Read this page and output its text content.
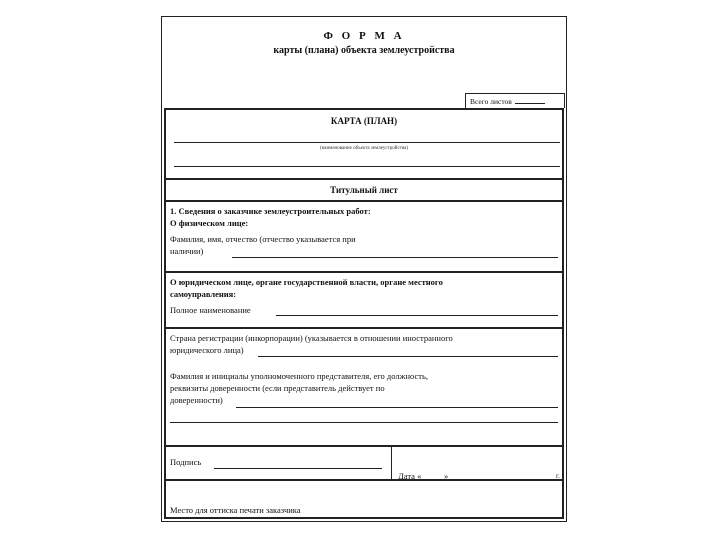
Ф О Р М А
карты (плана) объекта землеустройства
Всего листов
КАРТА (ПЛАН)
(наименование объекта землеустройства)
Титульный лист
1. Сведения о заказчике землеустроительных работ:
О физическом лице:
Фамилия, имя, отчество (отчество указывается при
наличии)
О юридическом лице, органе государственной власти, органе местного
самоуправления:
Полное наименование
Страна регистрации (инкорпорации) (указывается в отношении иностранного
юридического лица)
Фамилия и инициалы уполномоченного представителя, его должность,
реквизиты доверенности (если представитель действует по
доверенности)
Подпись
Дата «	»	г.
Место для оттиска печати заказчика
